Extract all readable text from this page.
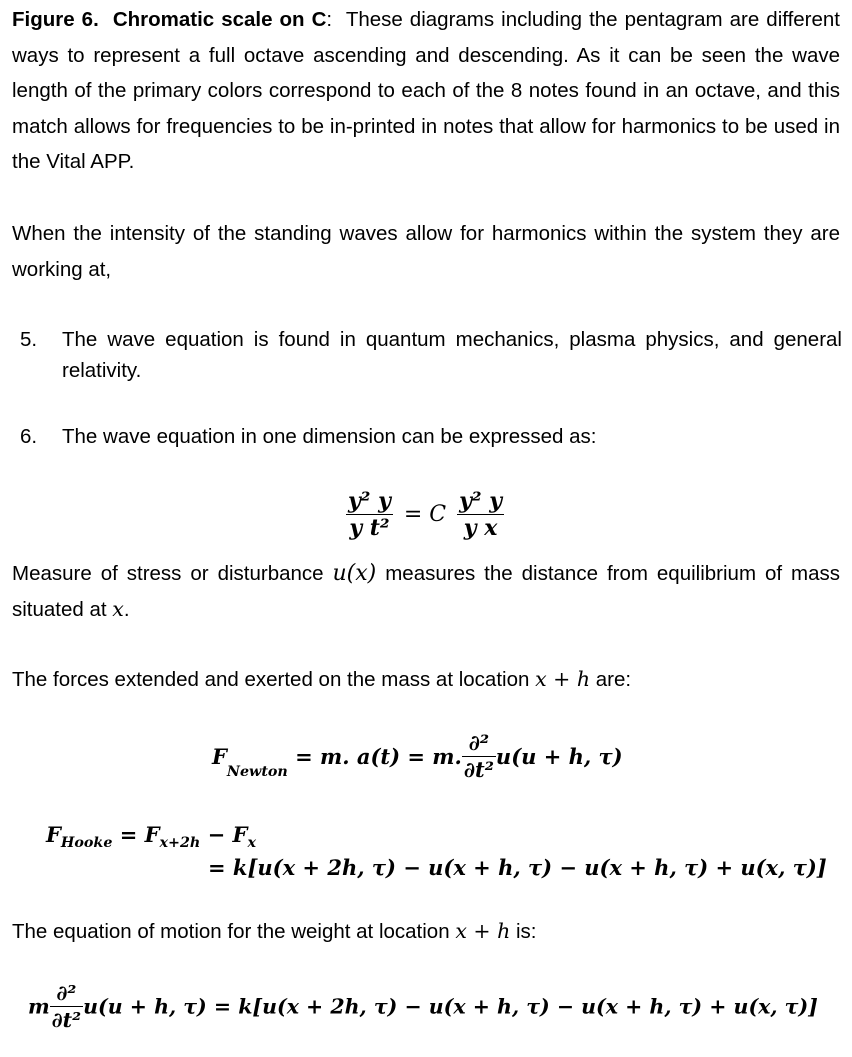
Figure 6. Chromatic scale on C: These diagrams including the pentagram are different ways to represent a full octave ascending and descending. As it can be seen the wave length of the primary colors correspond to each of the 8 notes found in an octave, and this match allows for frequencies to be in-printed in notes that allow for harmonics to be used in the Vital APP.

When the intensity of the standing waves allow for harmonics within the system they are working at,

5. The wave equation is found in quantum mechanics, plasma physics, and general relativity.
6. The wave equation in one dimension can be expressed as:
$\frac{\text{y² y}}{\text{y t²}} = C \frac{\text{y² y}}{\text{y x}}$

Measure of stress or disturbance u(x) measures the distance from equilibrium of mass situated at x.

The forces extended and exerted on the mass at location x + h are:

$F_{Newton} = m$. a(t) = m. $\frac{\text{∂²}}{\text{∂t²}} u(u + h$, τ)
$F_{Hooke} = F_{x+2h} - F_x$
= k[u(x + 2h, τ) − u(x + h, τ) − u(x + h, τ) + u(x, τ)]

The equation of motion for the weight at location x + h is:

m $\frac{\text{∂²}}{\text{∂t²}} u(u + h$, τ) = k[u(x + 2h, τ) − u(x + h, τ) − u(x + h, τ) + u(x, τ)]
